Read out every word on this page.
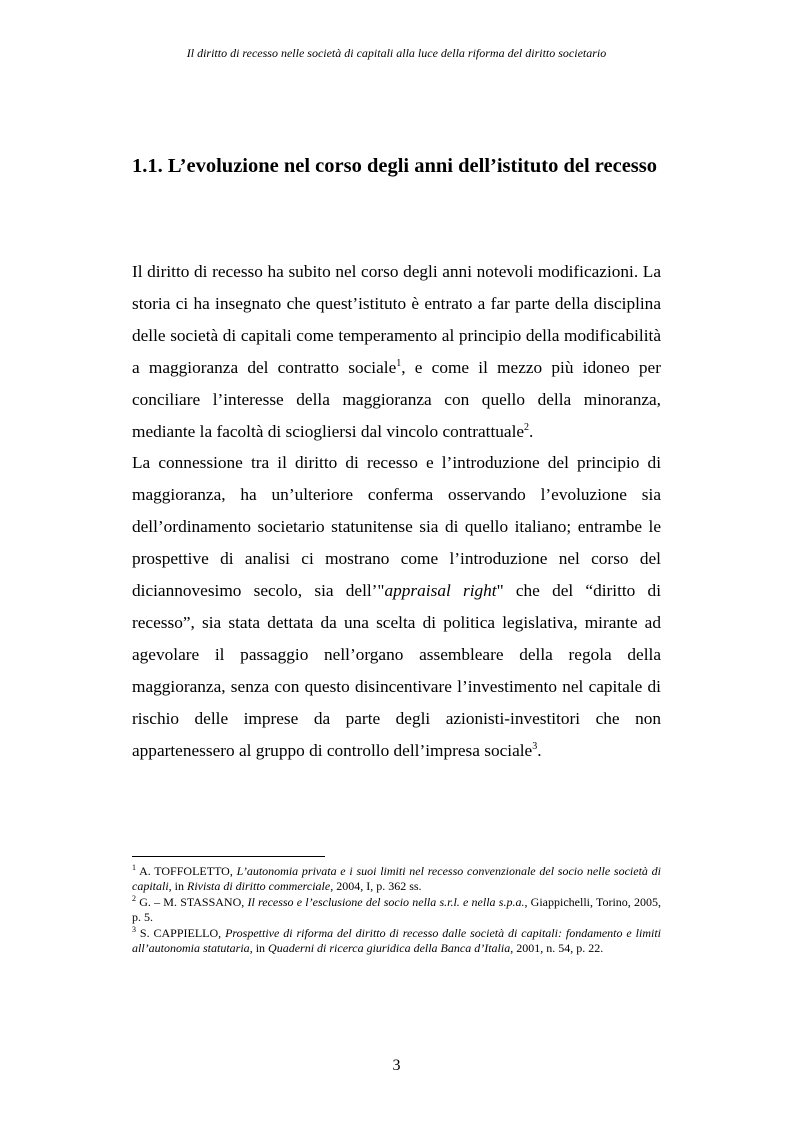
Il diritto di recesso nelle società di capitali alla luce della riforma del diritto societario
1.1. L’evoluzione nel corso degli anni dell’istituto del recesso

Il diritto di recesso ha subito nel corso degli anni notevoli modificazioni. La storia ci ha insegnato che quest’istituto è entrato a far parte della disciplina delle società di capitali come temperamento al principio della modificabilità a maggioranza del contratto sociale$^1$, e come il mezzo più idoneo per conciliare l’interesse della maggioranza con quello della minoranza, mediante la facoltà di sciogliersi dal vincolo contrattuale$^2$.

La connessione tra il diritto di recesso e l’introduzione del principio di maggioranza, ha un’ulteriore conferma osservando l’evoluzione sia dell’ordinamento societario statunitense sia di quello italiano; entrambe le prospettive di analisi ci mostrano come l’introduzione nel corso del diciannovesimo secolo, sia dell’"appraisal right" che del “diritto di recesso”, sia stata dettata da una scelta di politica legislativa, mirante ad agevolare il passaggio nell’organo assembleare della regola della maggioranza, senza con questo disincentivare l’investimento nel capitale di rischio delle imprese da parte degli azionisti-investitori che non appartenessero al gruppo di controllo dell’impresa sociale$^3$.

$^1$ A. TOFFOLETTO, L’autonomia privata e i suoi limiti nel recesso convenzionale del socio nelle società di capitali, in Rivista di diritto commerciale, 2004, I, p. 362 ss.

$^2$ G. – M. STASSANO, Il recesso e l’esclusione del socio nella s.r.l. e nella s.p.a., Giappichelli, Torino, 2005, p. 5.

$^3$ S. CAPPIELLO, Prospettive di riforma del diritto di recesso dalle società di capitali: fondamento e limiti all’autonomia statutaria, in Quaderni di ricerca giuridica della Banca d’Italia, 2001, n. 54, p. 22.

3
